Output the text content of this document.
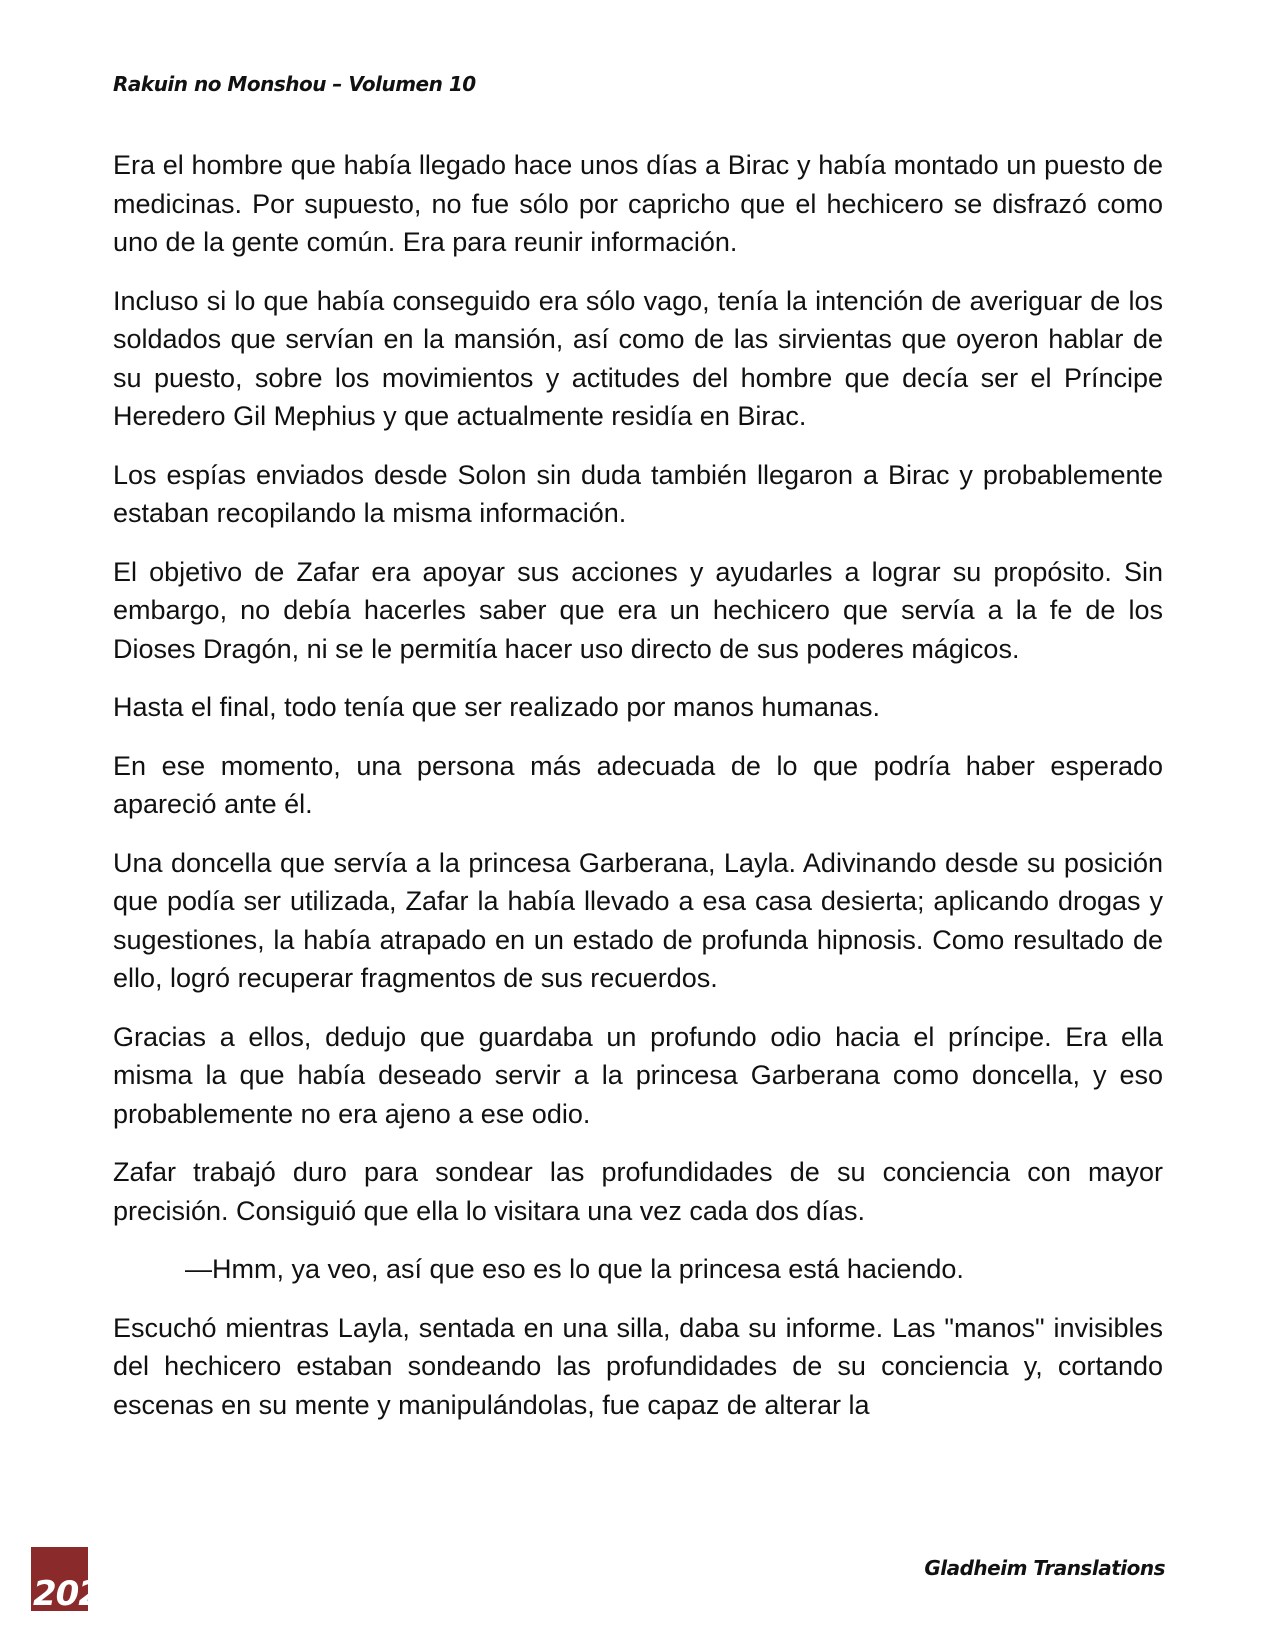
Rakuin no Monshou – Volumen 10

Era el hombre que había llegado hace unos días a Birac y había montado un puesto de medicinas. Por supuesto, no fue sólo por capricho que el hechicero se disfrazó como uno de la gente común. Era para reunir información.

Incluso si lo que había conseguido era sólo vago, tenía la intención de averiguar de los soldados que servían en la mansión, así como de las sirvientas que oyeron hablar de su puesto, sobre los movimientos y actitudes del hombre que decía ser el Príncipe Heredero Gil Mephius y que actualmente residía en Birac.

Los espías enviados desde Solon sin duda también llegaron a Birac y probablemente estaban recopilando la misma información.

El objetivo de Zafar era apoyar sus acciones y ayudarles a lograr su propósito. Sin embargo, no debía hacerles saber que era un hechicero que servía a la fe de los Dioses Dragón, ni se le permitía hacer uso directo de sus poderes mágicos.

Hasta el final, todo tenía que ser realizado por manos humanas.

En ese momento, una persona más adecuada de lo que podría haber esperado apareció ante él.

Una doncella que servía a la princesa Garberana, Layla. Adivinando desde su posición que podía ser utilizada, Zafar la había llevado a esa casa desierta; aplicando drogas y sugestiones, la había atrapado en un estado de profunda hipnosis. Como resultado de ello, logró recuperar fragmentos de sus recuerdos.

Gracias a ellos, dedujo que guardaba un profundo odio hacia el príncipe. Era ella misma la que había deseado servir a la princesa Garberana como doncella, y eso probablemente no era ajeno a ese odio.

Zafar trabajó duro para sondear las profundidades de su conciencia con mayor precisión. Consiguió que ella lo visitara una vez cada dos días.

—Hmm, ya veo, así que eso es lo que la princesa está haciendo.

Escuchó mientras Layla, sentada en una silla, daba su informe. Las "manos" invisibles del hechicero estaban sondeando las profundidades de su conciencia y, cortando escenas en su mente y manipulándolas, fue capaz de alterar la

202
Gladheim Translations
